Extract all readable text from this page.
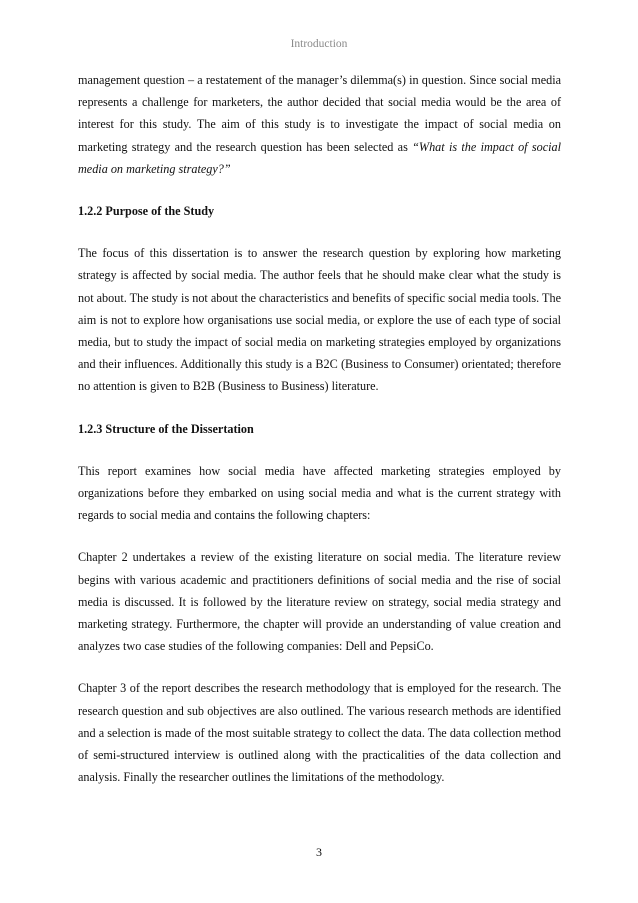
Introduction

management question – a restatement of the manager’s dilemma(s) in question. Since social media represents a challenge for marketers, the author decided that social media would be the area of interest for this study. The aim of this study is to investigate the impact of social media on marketing strategy and the research question has been selected as “What is the impact of social media on marketing strategy?”

1.2.2 Purpose of the Study

The focus of this dissertation is to answer the research question by exploring how marketing strategy is affected by social media. The author feels that he should make clear what the study is not about. The study is not about the characteristics and benefits of specific social media tools. The aim is not to explore how organisations use social media, or explore the use of each type of social media, but to study the impact of social media on marketing strategies employed by organizations and their influences. Additionally this study is a B2C (Business to Consumer) orientated; therefore no attention is given to B2B (Business to Business) literature.

1.2.3 Structure of the Dissertation

This report examines how social media have affected marketing strategies employed by organizations before they embarked on using social media and what is the current strategy with regards to social media and contains the following chapters:

Chapter 2 undertakes a review of the existing literature on social media. The literature review begins with various academic and practitioners definitions of social media and the rise of social media is discussed. It is followed by the literature review on strategy, social media strategy and marketing strategy. Furthermore, the chapter will provide an understanding of value creation and analyzes two case studies of the following companies: Dell and PepsiCo.

Chapter 3 of the report describes the research methodology that is employed for the research. The research question and sub objectives are also outlined. The various research methods are identified and a selection is made of the most suitable strategy to collect the data. The data collection method of semi-structured interview is outlined along with the practicalities of the data collection and analysis. Finally the researcher outlines the limitations of the methodology.

3
